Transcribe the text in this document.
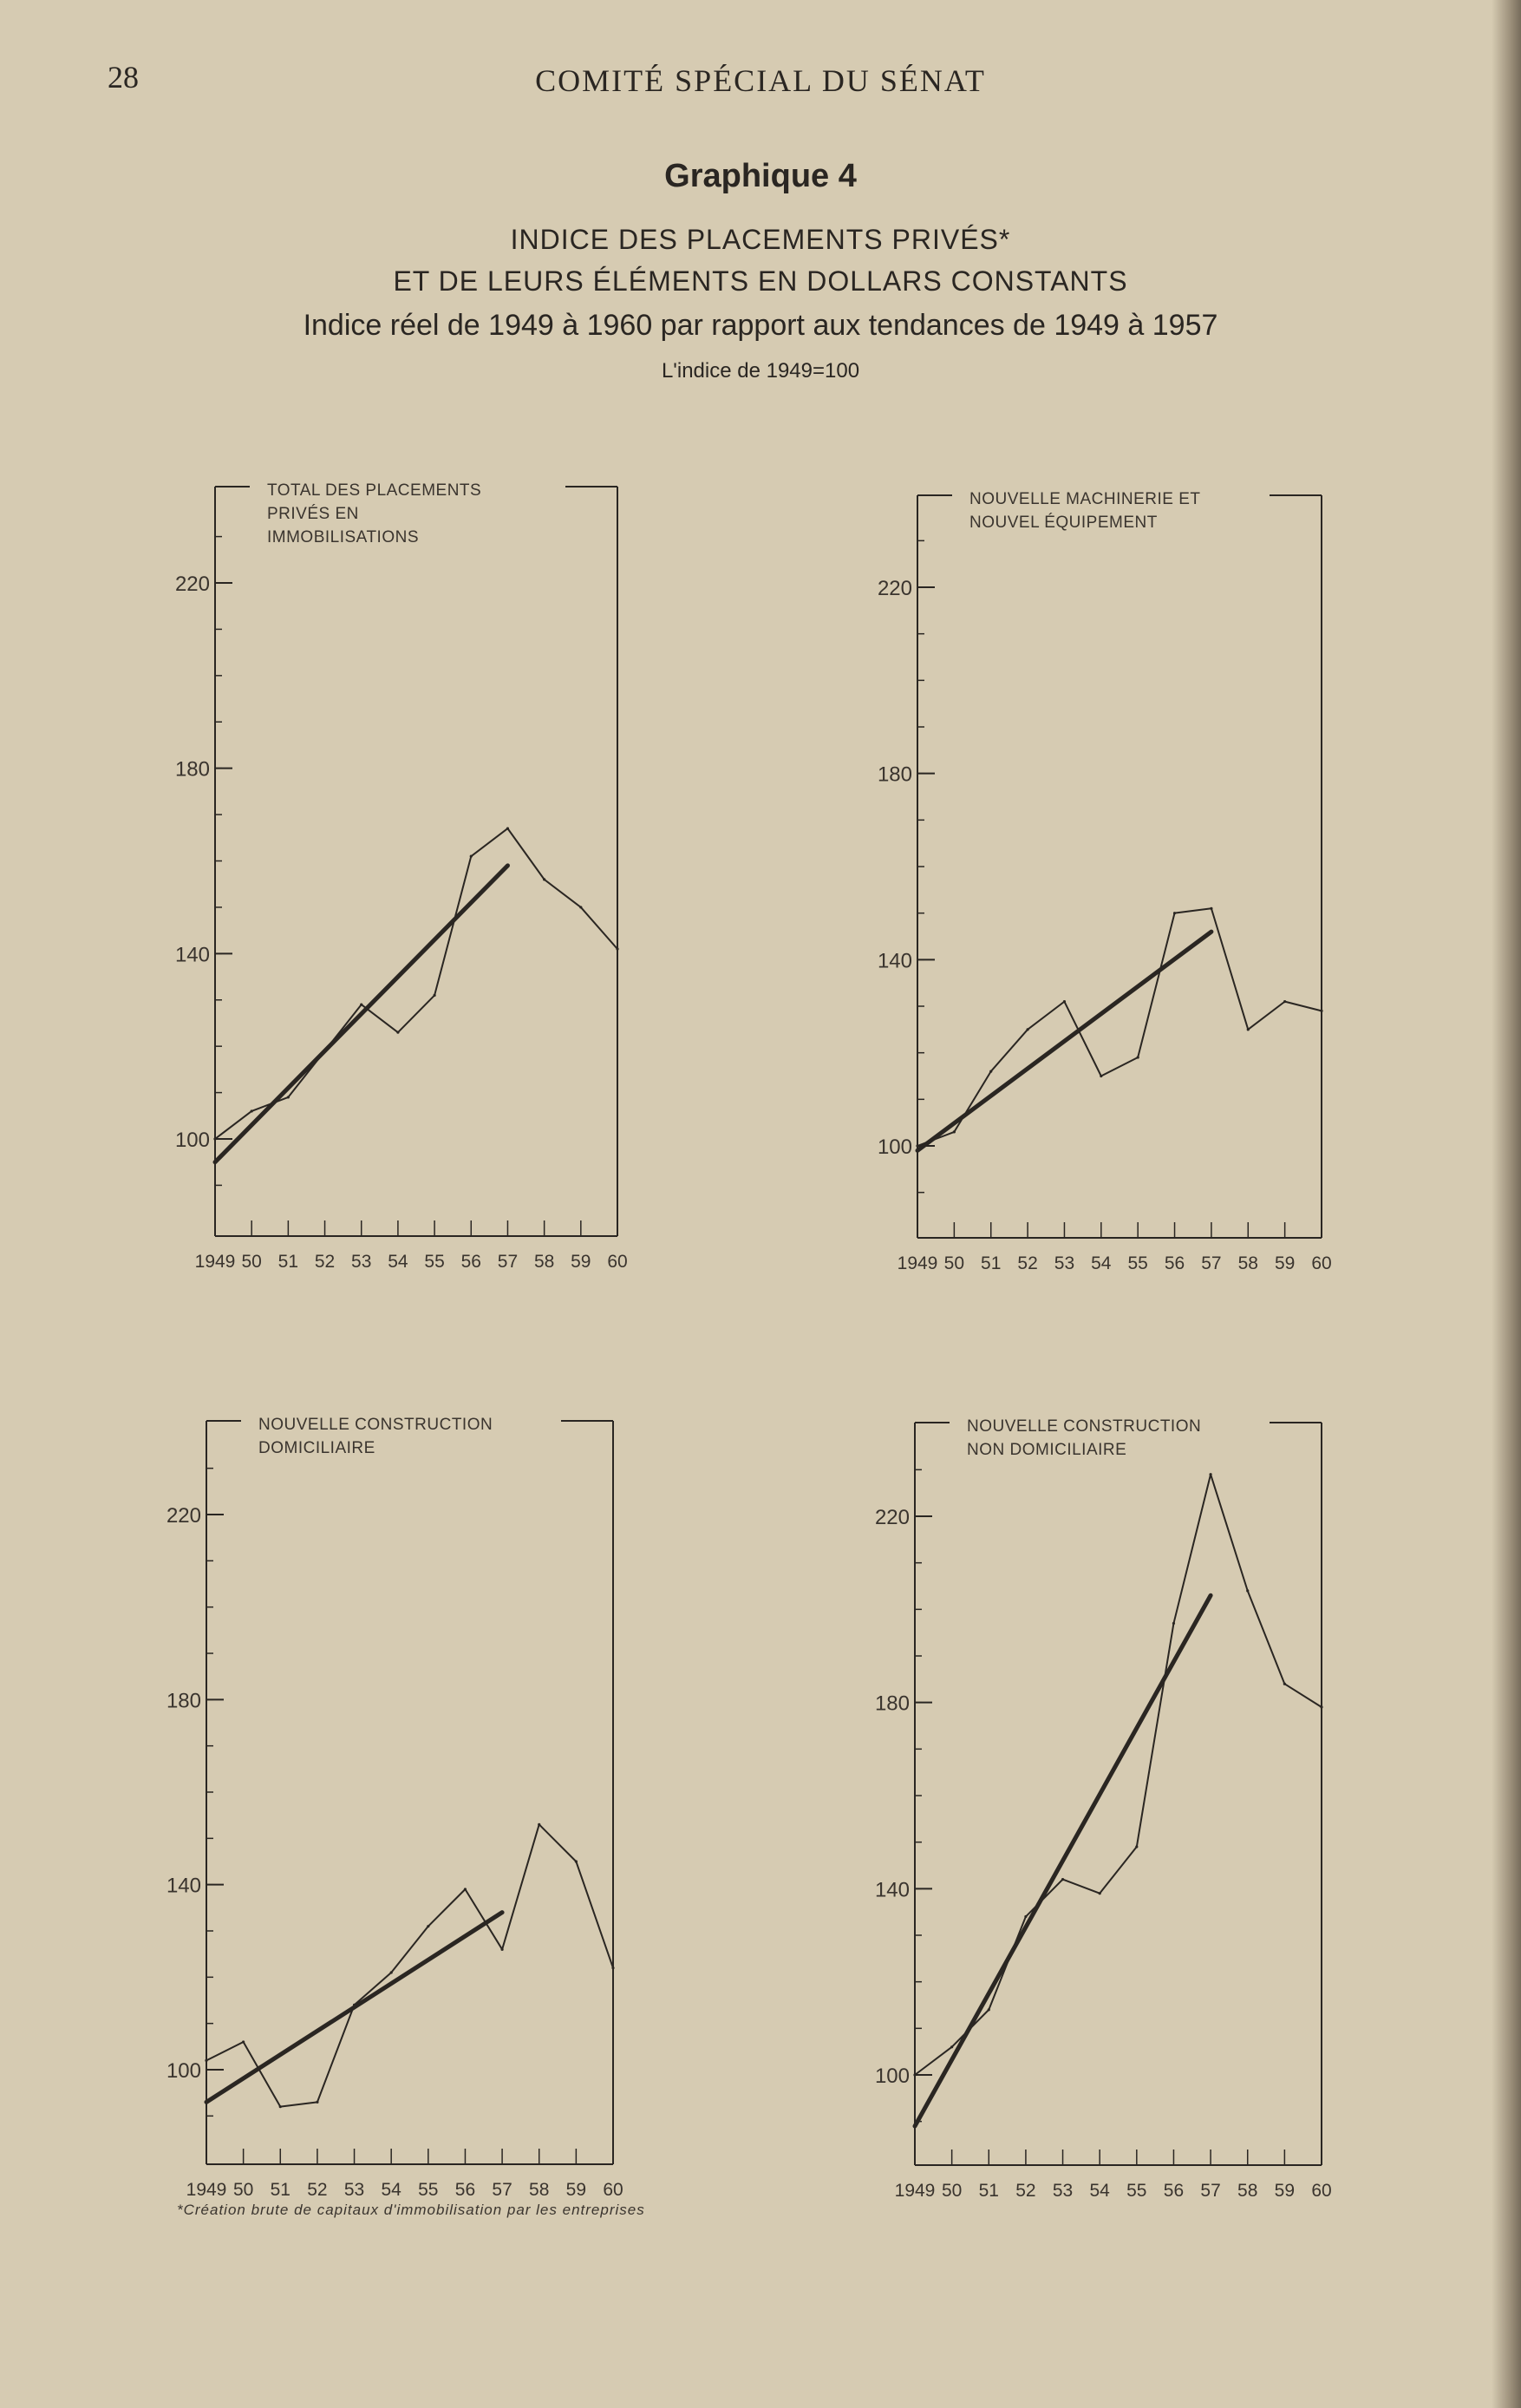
28	COMITÉ SPÉCIAL DU SÉNAT
Graphique 4
INDICE DES PLACEMENTS PRIVÉS*
ET DE LEURS ÉLÉMENTS EN DOLLARS CONSTANTS
Indice réel de 1949 à 1960 par rapport aux tendances de 1949 à 1957
L'indice de 1949=100
TOTAL DES PLACEMENTS
PRIVÉS EN
IMMOBILISATIONS
100
140
180
220
1949 50 51 52 53 54 55 56 57 58 59 60
NOUVELLE MACHINERIE ET
NOUVEL ÉQUIPEMENT
100
140
180
220
1949 50 51 52 53 54 55 56 57 58 59 60
NOUVELLE CONSTRUCTION
DOMICILIAIRE
100
140
180
220
1949 50 51 52 53 54 55 56 57 58 59 60
NOUVELLE CONSTRUCTION
NON DOMICILIAIRE
100
140
180
220
1949 50 51 52 53 54 55 56 57 58 59 60
*Création brute de capitaux d'immobilisation par les entreprises
